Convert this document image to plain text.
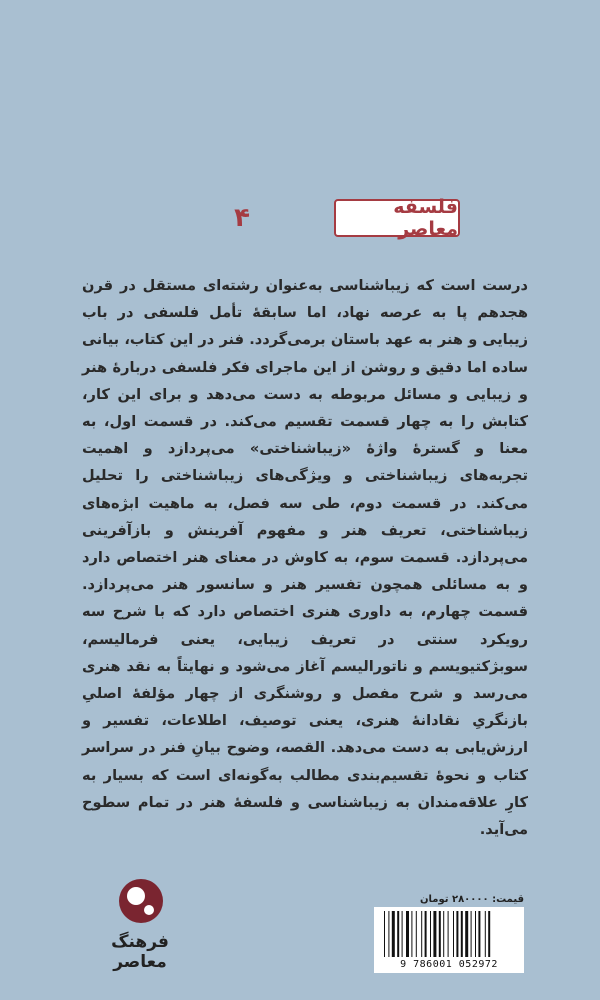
فلسفه معاصر
۴

درست است که زیباشناسی به‌عنوان رشته‌ای مستقل در قرن هجدهم پا به عرصه نهاد، اما سابقهٔ تأمل فلسفی در باب زیبایی و هنر به عهد باستان برمی‌گردد. فنر در این کتاب، بیانی ساده اما دقیق و روشن از این ماجرای فکر فلسفی دربارهٔ هنر و زیبایی و مسائل مربوطه به دست می‌دهد و برای این کار، کتابش را به چهار قسمت تقسیم می‌کند. در قسمت اول، به معنا و گسترهٔ واژهٔ «زیباشناختی» می‌پردازد و اهمیت تجربه‌های زیباشناختی و ویژگی‌های زیباشناختی را تحلیل می‌کند. در قسمت دوم، طی سه فصل، به ماهیت ابژه‌های زیباشناختی، تعریف هنر و مفهوم آفرینش و بازآفرینی می‌پردازد. قسمت سوم، به کاوش در معنای هنر اختصاص دارد و به مسائلی همچون تفسیر هنر و سانسور هنر می‌پردازد. قسمت چهارم، به داوری هنری اختصاص دارد که با شرح سه رویکرد سنتی در تعریف زیبایی، یعنی فرمالیسم، سوبژکتیویسم و ناتورالیسم آغاز می‌شود و نهایتاً به نقد هنری می‌رسد و شرح مفصل و روشنگری از چهار مؤلفهٔ اصلیِ بازنگریِ نقادانهٔ هنری، یعنی توصیف، اطلاعات، تفسیر و ارزش‌یابی به دست می‌دهد. القصه، وضوح بیانِ فنر در سراسر کتاب و نحوهٔ تقسیم‌بندی مطالب به‌گونه‌ای است که بسیار به کارِ علاقه‌مندان به زیباشناسی و فلسفهٔ هنر در تمام سطوح می‌آید.

فرهنگ معاصر
قیمت: ۲۸۰۰۰۰ تومان
9 786001 052972
